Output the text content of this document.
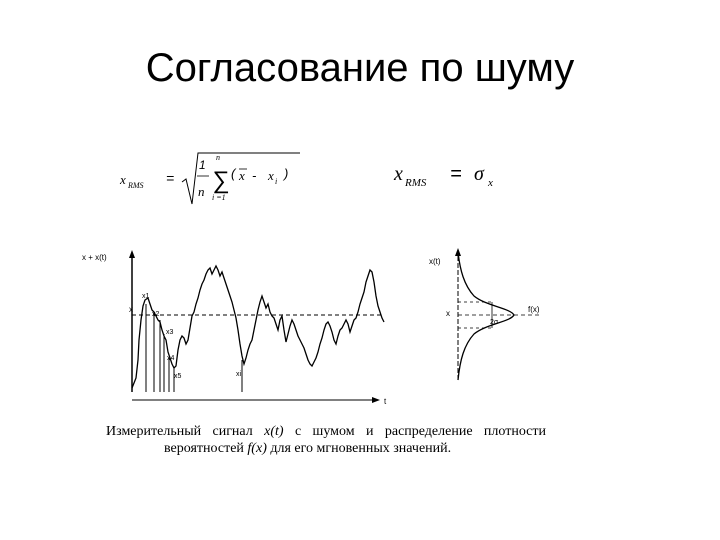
Согласование по шуму
x RMS =
1
n
n
∑
i =1
( x - x i
)	x RMS = σ x
x + x(t)
t
x
x1
x2
x3
x4
x5	xi
x(t)
x
2σ
f(x)
Измерительный сигнал x(t) с шумом и распределение плотности
вероятностей f(x) для его мгновенных значений.
